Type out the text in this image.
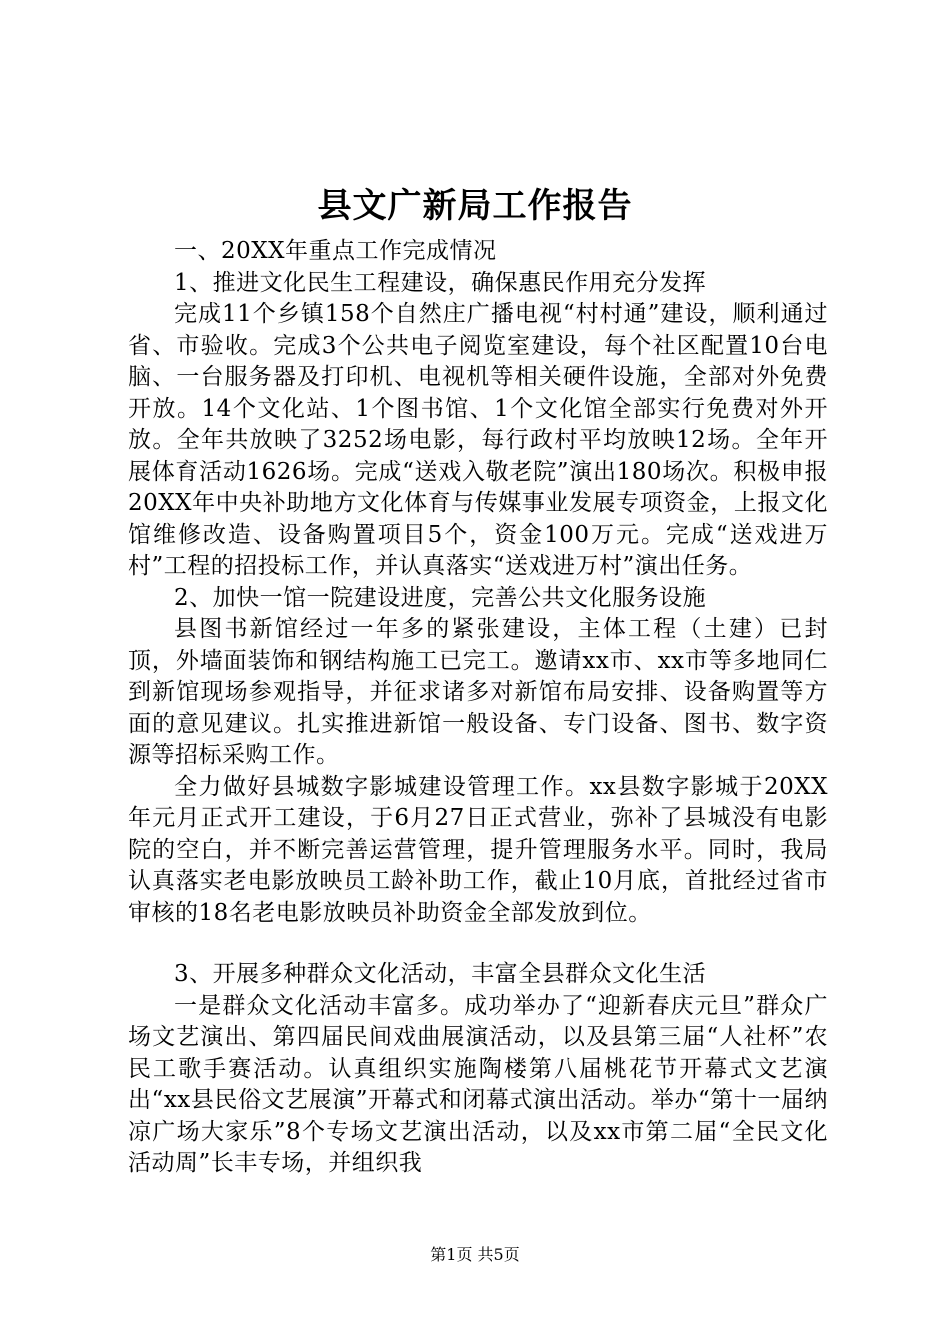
县文广新局工作报告

一、20XX年重点工作完成情况

1、推进文化民生工程建设，确保惠民作用充分发挥

完成11个乡镇158个自然庄广播电视“村村通”建设，顺利通过省、市验收。完成3个公共电子阅览室建设，每个社区配置10台电脑、一台服务器及打印机、电视机等相关硬件设施，全部对外免费开放。14个文化站、1个图书馆、1个文化馆全部实行免费对外开放。全年共放映了3252场电影，每行政村平均放映12场。全年开展体育活动1626场。完成“送戏入敬老院”演出180场次。积极申报20XX年中央补助地方文化体育与传媒事业发展专项资金，上报文化馆维修改造、设备购置项目5个，资金100万元。完成“送戏进万村”工程的招投标工作，并认真落实“送戏进万村”演出任务。

2、加快一馆一院建设进度，完善公共文化服务设施

县图书新馆经过一年多的紧张建设，主体工程（土建）已封顶，外墙面装饰和钢结构施工已完工。邀请xx市、xx市等多地同仁到新馆现场参观指导，并征求诸多对新馆布局安排、设备购置等方面的意见建议。扎实推进新馆一般设备、专门设备、图书、数字资源等招标采购工作。

全力做好县城数字影城建设管理工作。xx县数字影城于20XX年元月正式开工建设，于6月27日正式营业，弥补了县城没有电影院的空白，并不断完善运营管理，提升管理服务水平。同时，我局认真落实老电影放映员工龄补助工作，截止10月底，首批经过省市审核的18名老电影放映员补助资金全部发放到位。

3、开展多种群众文化活动，丰富全县群众文化生活

一是群众文化活动丰富多。成功举办了“迎新春庆元旦”群众广场文艺演出、第四届民间戏曲展演活动，以及县第三届“人社杯”农民工歌手赛活动。认真组织实施陶楼第八届桃花节开幕式文艺演出“xx县民俗文艺展演”开幕式和闭幕式演出活动。举办“第十一届纳凉广场大家乐”8个专场文艺演出活动，以及xx市第二届“全民文化活动周”长丰专场，并组织我

第1页 共5页
